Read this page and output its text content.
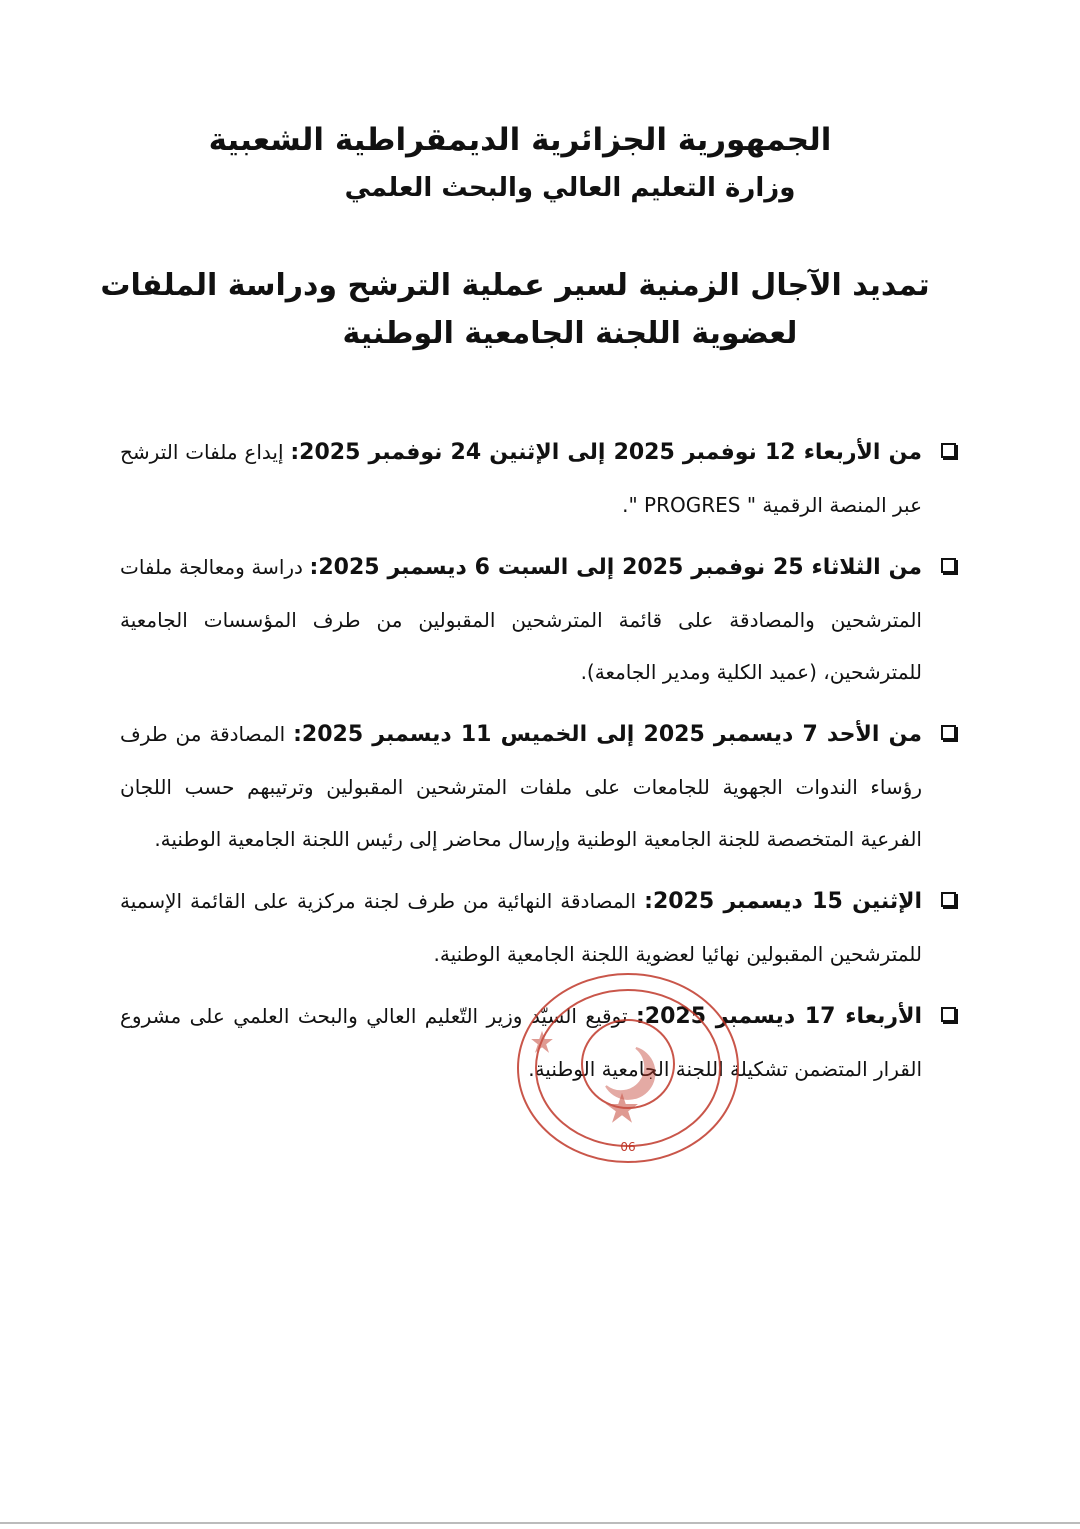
الجمهورية الجزائرية الديمقراطية الشعبية

وزارة التعليم العالي والبحث العلمي

تمديد الآجال الزمنية لسير عملية الترشح ودراسة الملفات

لعضوية اللجنة الجامعية الوطنية

من الأربعاء 12 نوفمبر 2025 إلى الإثنين 24 نوفمبر 2025: إيداع ملفات الترشح عبر المنصة الرقمية " PROGRES ".

من الثلاثاء 25 نوفمبر 2025 إلى السبت 6 ديسمبر 2025: دراسة ومعالجة ملفات المترشحين والمصادقة على قائمة المترشحين المقبولين من طرف المؤسسات الجامعية للمترشحين، (عميد الكلية ومدير الجامعة).

من الأحد 7 ديسمبر 2025 إلى الخميس 11 ديسمبر 2025: المصادقة من طرف رؤساء الندوات الجهوية للجامعات على ملفات المترشحين المقبولين وترتيبهم حسب اللجان الفرعية المتخصصة للجنة الجامعية الوطنية وإرسال محاضر إلى رئيس اللجنة الجامعية الوطنية.

الإثنين 15 ديسمبر 2025: المصادقة النهائية من طرف لجنة مركزية على القائمة الإسمية للمترشحين المقبولين نهائيا لعضوية اللجنة الجامعية الوطنية.

الأربعاء 17 ديسمبر 2025: توقيع السيّد وزير التّعليم العالي والبحث العلمي على مشروع القرار المتضمن تشكيلة اللجنة الجامعية الوطنية.

06
